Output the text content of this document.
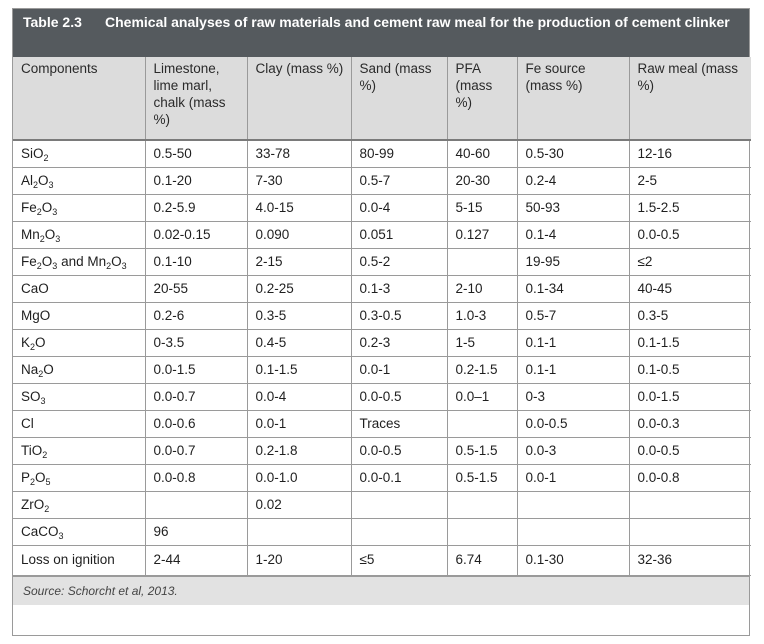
Table 2.3	Chemical analyses of raw materials and cement raw meal for the production of cement clinker
Components	Limestone, lime marl, chalk (mass %)	Clay (mass %)	Sand (mass %)	PFA (mass %)	Fe source (mass %)	Raw meal (mass %)
SiO$_2$	0.5-50	33-78	80-99	40-60	0.5-30	12-16
$Al_2O_3$	0.1-20	7-30	0.5-7	20-30	0.2-4	2-5
$Fe_2O_3$	0.2-5.9	4.0-15	0.0-4	5-15	50-93	1.5-2.5
$Mn_2O_3$	0.02-0.15	0.090	0.051	0.127	0.1-4	0.0-0.5
$Fe_2O_3$ and $Mn_2O_3$	0.1-10	2-15	0.5-2		19-95	≤2
CaO	20-55	0.2-25	0.1-3	2-10	0.1-34	40-45
MgO	0.2-6	0.3-5	0.3-0.5	1.0-3	0.5-7	0.3-5
$K_2O$	0-3.5	0.4-5	0.2-3	1-5	0.1-1	0.1-1.5
$Na_2O$	0.0-1.5	0.1-1.5	0.0-1	0.2-1.5	0.1-1	0.1-0.5
$SO_3$	0.0-0.7	0.0-4	0.0-0.5	0.0–1	0-3	0.0-1.5
Cl	0.0-0.6	0.0-1	Traces		0.0-0.5	0.0-0.3
TiO$_2$	0.0-0.7	0.2-1.8	0.0-0.5	0.5-1.5	0.0-3	0.0-0.5
$P_2O_5$	0.0-0.8	0.0-1.0	0.0-0.1	0.5-1.5	0.0-1	0.0-0.8
ZrO$_2$		0.02				
CaCO$_3$	96					
Loss on ignition	2-44	1-20	≤5	6.74	0.1-30	32-36
Source: Schorcht et al, 2013.
